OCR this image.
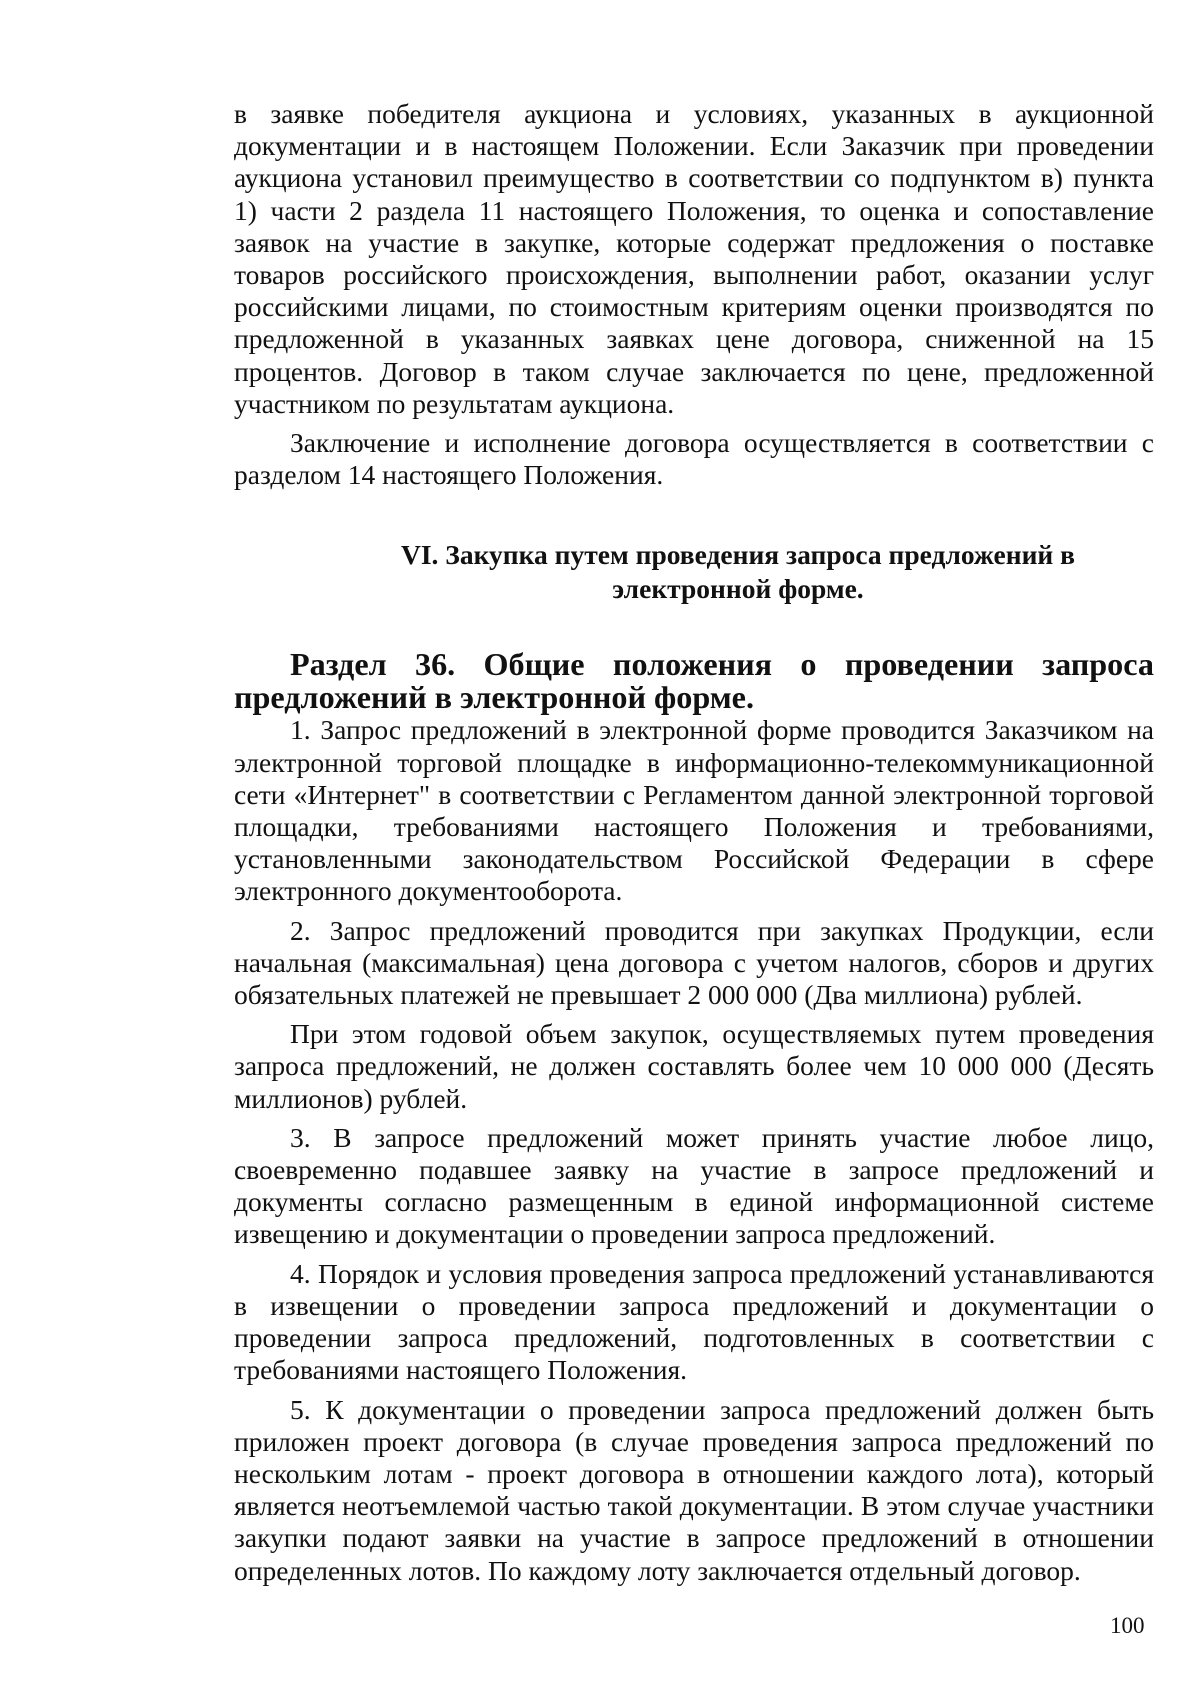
в заявке победителя аукциона и условиях, указанных в аукционной документации и в настоящем Положении. Если Заказчик при проведении аукциона установил преимущество в соответствии со подпунктом в) пункта 1) части 2 раздела 11 настоящего Положения, то оценка и сопоставление заявок на участие в закупке, которые содержат предложения о поставке товаров российского происхождения, выполнении работ, оказании услуг российскими лицами, по стоимостным критериям оценки производятся по предложенной в указанных заявках цене договора, сниженной на 15 процентов. Договор в таком случае заключается по цене, предложенной участником по результатам аукциона.

Заключение и исполнение договора осуществляется в соответствии с разделом 14 настоящего Положения.

VI. Закупка путем проведения запроса предложений в
электронной форме.
Раздел 36. Общие положения о проведении запроса предложений в электронной форме.

1. Запрос предложений в электронной форме проводится Заказчиком на электронной торговой площадке в информационно-телекоммуникационной сети «Интернет" в соответствии с Регламентом данной электронной торговой площадки, требованиями настоящего Положения и требованиями, установленными законодательством Российской Федерации в сфере электронного документооборота.

2. Запрос предложений проводится при закупках Продукции, если начальная (максимальная) цена договора с учетом налогов, сборов и других обязательных платежей не превышает 2 000 000 (Два миллиона) рублей.

При этом годовой объем закупок, осуществляемых путем проведения запроса предложений, не должен составлять более чем 10 000 000 (Десять миллионов) рублей.

3. В запросе предложений может принять участие любое лицо, своевременно подавшее заявку на участие в запросе предложений и документы согласно размещенным в единой информационной системе извещению и документации о проведении запроса предложений.

4. Порядок и условия проведения запроса предложений устанавливаются в извещении о проведении запроса предложений и документации о проведении запроса предложений, подготовленных в соответствии с требованиями настоящего Положения.

5. К документации о проведении запроса предложений должен быть приложен проект договора (в случае проведения запроса предложений по нескольким лотам - проект договора в отношении каждого лота), который является неотъемлемой частью такой документации. В этом случае участники закупки подают заявки на участие в запросе предложений в отношении определенных лотов. По каждому лоту заключается отдельный договор.

100
